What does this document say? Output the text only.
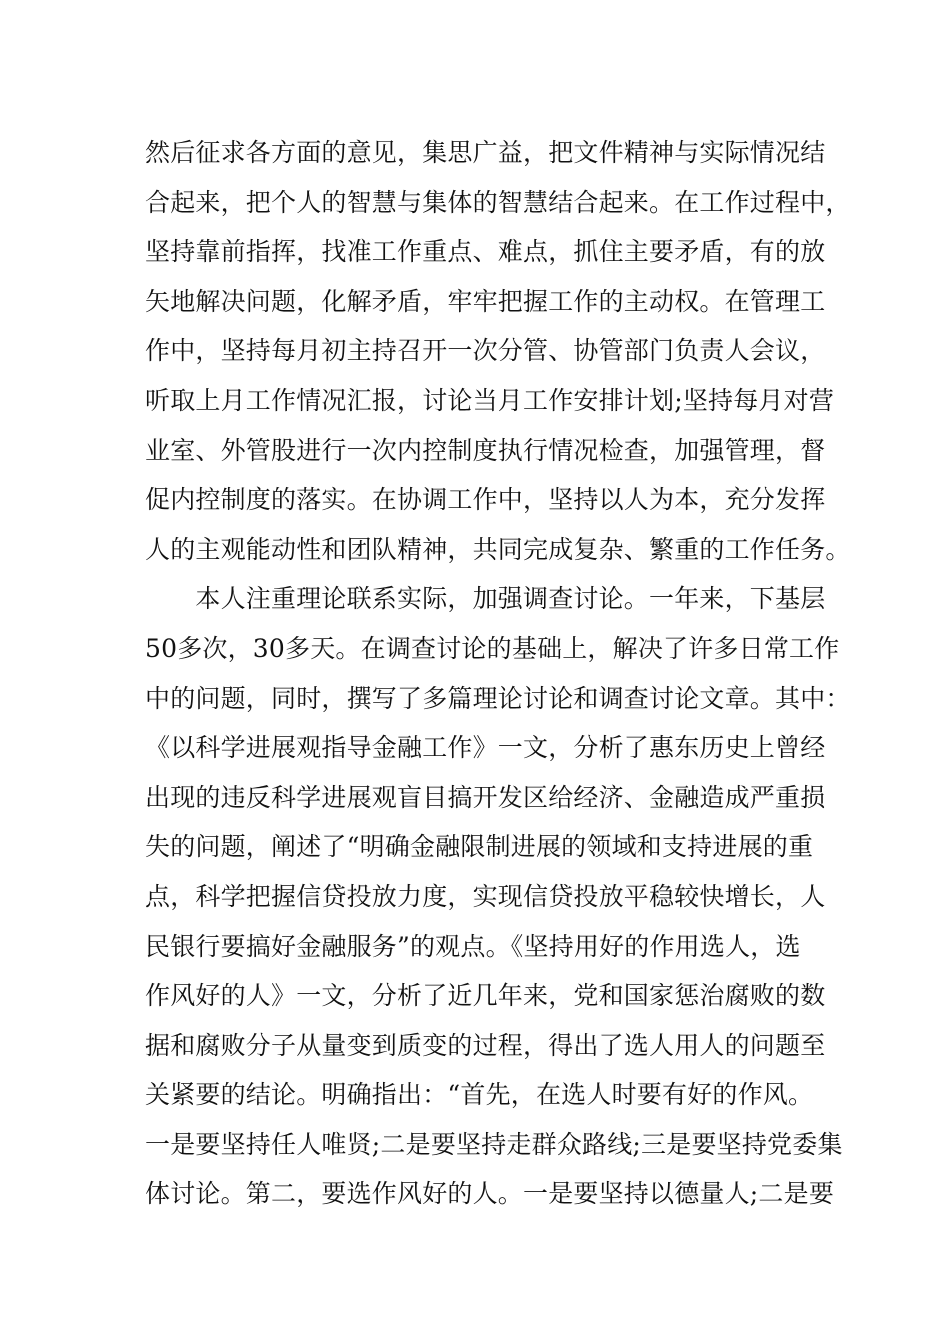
然后征求各方面的意见，集思广益，把文件精神与实际情况结
合起来，把个人的智慧与集体的智慧结合起来。在工作过程中，
坚持靠前指挥，找准工作重点、难点，抓住主要矛盾，有的放
矢地解决问题，化解矛盾，牢牢把握工作的主动权。在管理工
作中，坚持每月初主持召开一次分管、协管部门负责人会议，
听取上月工作情况汇报，讨论当月工作安排计划;坚持每月对营
业室、外管股进行一次内控制度执行情况检查，加强管理，督
促内控制度的落实。在协调工作中，坚持以人为本，充分发挥
人的主观能动性和团队精神，共同完成复杂、繁重的工作任务。
　　本人注重理论联系实际，加强调查讨论。一年来，下基层
50多次，30多天。在调查讨论的基础上，解决了许多日常工作
中的问题，同时，撰写了多篇理论讨论和调查讨论文章。其中：
《以科学进展观指导金融工作》一文，分析了惠东历史上曾经
出现的违反科学进展观盲目搞开发区给经济、金融造成严重损
失的问题，阐述了“明确金融限制进展的领域和支持进展的重
点，科学把握信贷投放力度，实现信贷投放平稳较快增长，人
民银行要搞好金融服务”的观点。《坚持用好的作用选人，选
作风好的人》一文，分析了近几年来，党和国家惩治腐败的数
据和腐败分子从量变到质变的过程，得出了选人用人的问题至
关紧要的结论。明确指出：“首先，在选人时要有好的作风。
一是要坚持任人唯贤;二是要坚持走群众路线;三是要坚持党委集
体讨论。第二，要选作风好的人。一是要坚持以德量人;二是要
